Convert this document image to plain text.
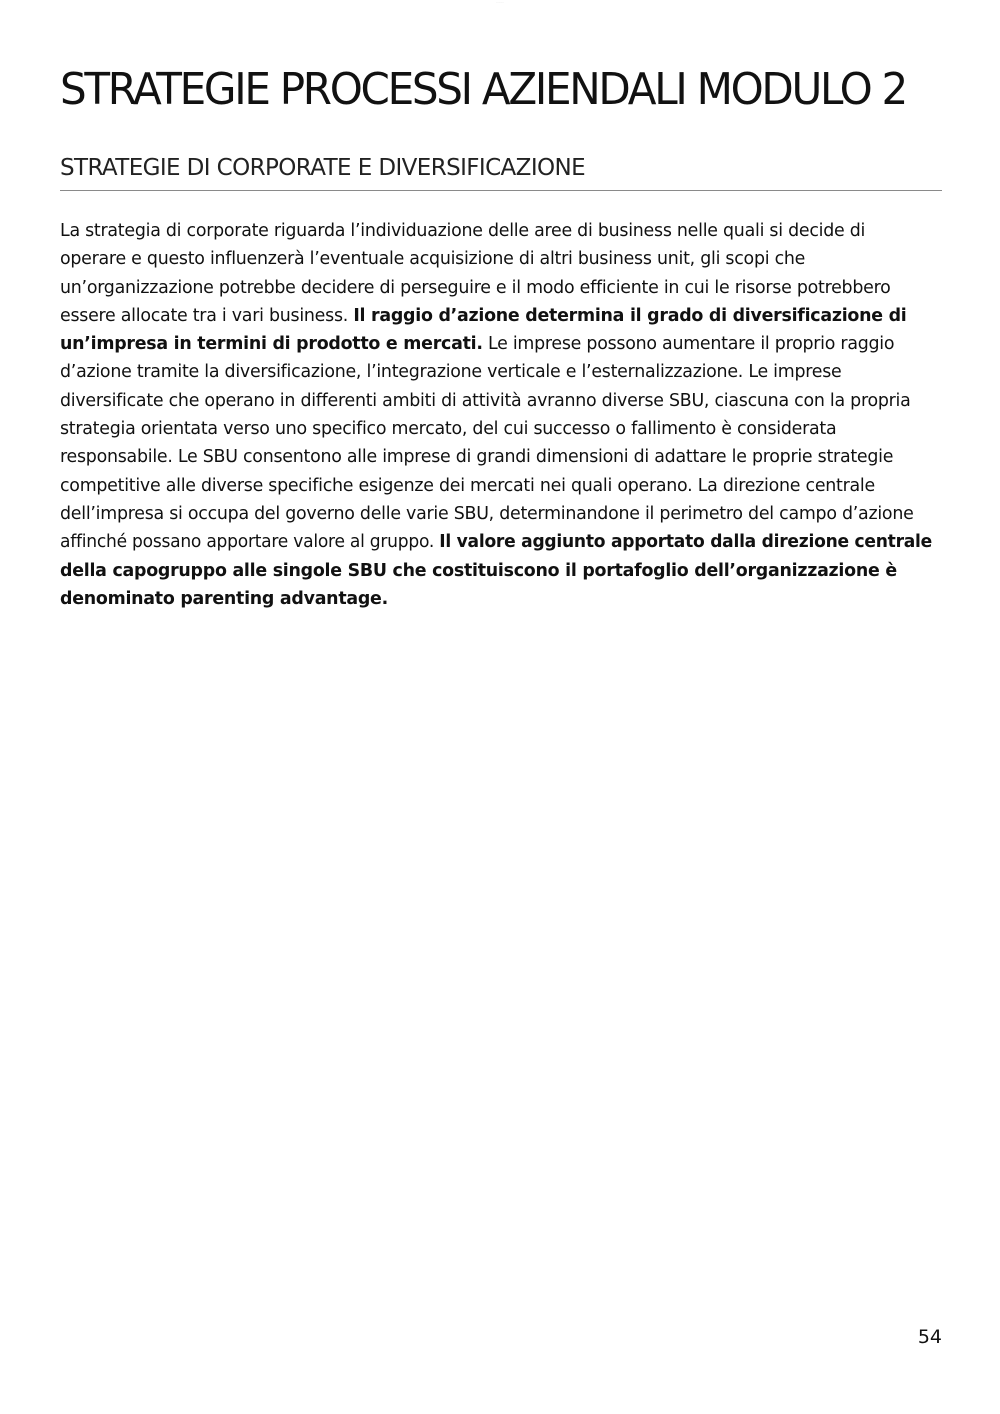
·········
STRATEGIE PROCESSI AZIENDALI MODULO 2
STRATEGIE DI CORPORATE E DIVERSIFICAZIONE
La strategia di corporate riguarda l’individuazione delle aree di business nelle quali si decide di
operare e questo influenzerà l’eventuale acquisizione di altri business unit, gli scopi che
un’organizzazione potrebbe decidere di perseguire e il modo efficiente in cui le risorse potrebbero
essere allocate tra i vari business. Il raggio d’azione determina il grado di diversificazione di
un’impresa in termini di prodotto e mercati. Le imprese possono aumentare il proprio raggio
d’azione tramite la diversificazione, l’integrazione verticale e l’esternalizzazione. Le imprese
diversificate che operano in differenti ambiti di attività avranno diverse SBU, ciascuna con la propria
strategia orientata verso uno specifico mercato, del cui successo o fallimento è considerata
responsabile. Le SBU consentono alle imprese di grandi dimensioni di adattare le proprie strategie
competitive alle diverse specifiche esigenze dei mercati nei quali operano. La direzione centrale
dell’impresa si occupa del governo delle varie SBU, determinandone il perimetro del campo d’azione
affinché possano apportare valore al gruppo. Il valore aggiunto apportato dalla direzione centrale
della capogruppo alle singole SBU che costituiscono il portafoglio dell’organizzazione è
denominato parenting advantage.
54
